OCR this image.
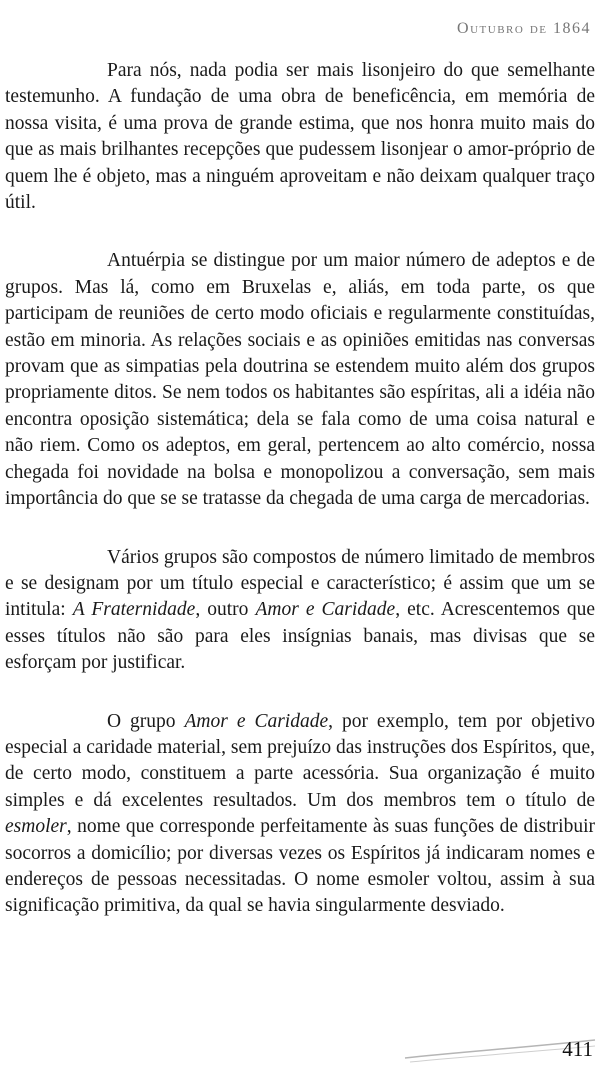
Outubro de 1864

Para nós, nada podia ser mais lisonjeiro do que semelhante testemunho. A fundação de uma obra de beneficência, em memória de nossa visita, é uma prova de grande estima, que nos honra muito mais do que as mais brilhantes recepções que pudessem lisonjear o amor-próprio de quem lhe é objeto, mas a ninguém aproveitam e não deixam qualquer traço útil.

Antuérpia se distingue por um maior número de adeptos e de grupos. Mas lá, como em Bruxelas e, aliás, em toda parte, os que participam de reuniões de certo modo oficiais e regularmente constituídas, estão em minoria. As relações sociais e as opiniões emitidas nas conversas provam que as simpatias pela doutrina se estendem muito além dos grupos propriamente ditos. Se nem todos os habitantes são espíritas, ali a idéia não encontra oposição sistemática; dela se fala como de uma coisa natural e não riem. Como os adeptos, em geral, pertencem ao alto comércio, nossa chegada foi novidade na bolsa e monopolizou a conversação, sem mais importância do que se se tratasse da chegada de uma carga de mercadorias.

Vários grupos são compostos de número limitado de membros e se designam por um título especial e característico; é assim que um se intitula: A Fraternidade, outro Amor e Caridade, etc. Acrescentemos que esses títulos não são para eles insígnias banais, mas divisas que se esforçam por justificar.

O grupo Amor e Caridade, por exemplo, tem por objetivo especial a caridade material, sem prejuízo das instruções dos Espíritos, que, de certo modo, constituem a parte acessória. Sua organização é muito simples e dá excelentes resultados. Um dos membros tem o título de esmoler, nome que corresponde perfeitamente às suas funções de distribuir socorros a domicílio; por diversas vezes os Espíritos já indicaram nomes e endereços de pessoas necessitadas. O nome esmoler voltou, assim à sua significação primitiva, da qual se havia singularmente desviado.

411
